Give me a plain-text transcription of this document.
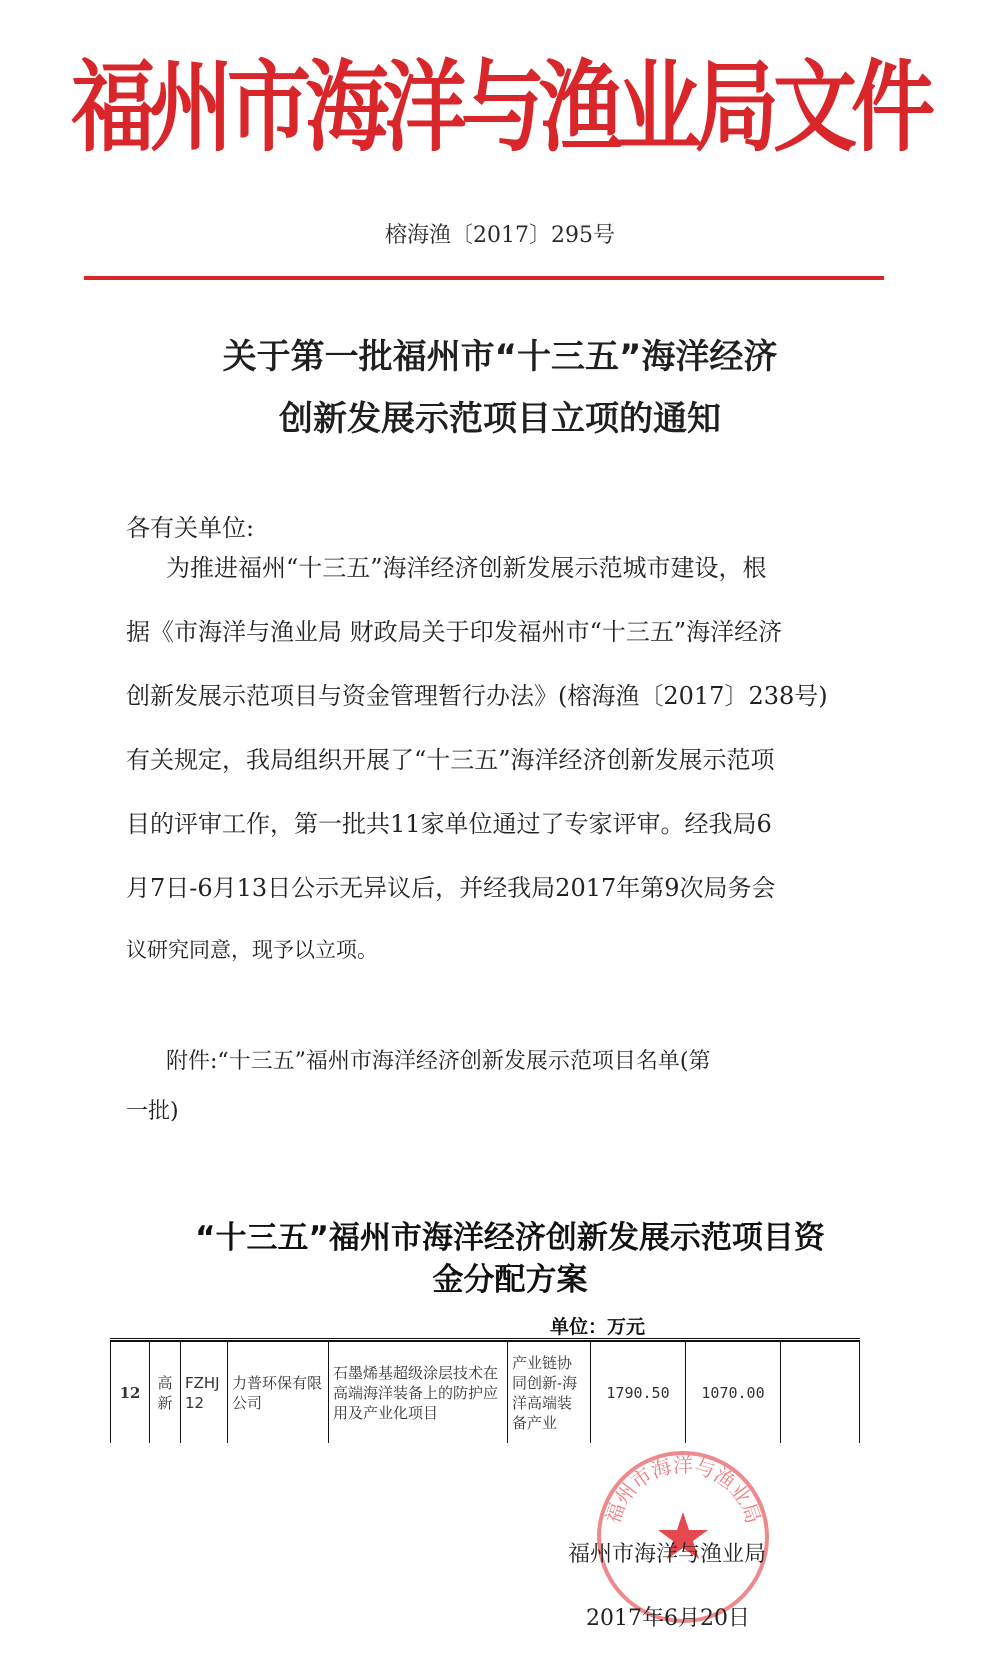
福州市海洋与渔业局文件
榕海渔〔2017〕295号
关于第一批福州市“十三五”海洋经济
创新发展示范项目立项的通知
各有关单位:
为推进福州“十三五”海洋经济创新发展示范城市建设，根
据《市海洋与渔业局 财政局关于印发福州市“十三五”海洋经济
创新发展示范项目与资金管理暂行办法》(榕海渔〔2017〕238号)
有关规定，我局组织开展了“十三五”海洋经济创新发展示范项
目的评审工作，第一批共11家单位通过了专家评审。经我局6
月7日-6月13日公示无异议后，并经我局2017年第9次局务会
议研究同意，现予以立项。
附件:“十三五”福州市海洋经济创新发展示范项目名单(第
一批)
“十三五”福州市海洋经济创新发展示范项目资
金分配方案
单位：万元
12	高新	FZHJ 12	力普环保有限公司	石墨烯基超级涂层技术在高端海洋装备上的防护应用及产业化项目	产业链协同创新-海洋高端装备产业	1790.50	1070.00	
福州市海洋与渔业局
福州市海洋与渔业局
2017年6月20日
